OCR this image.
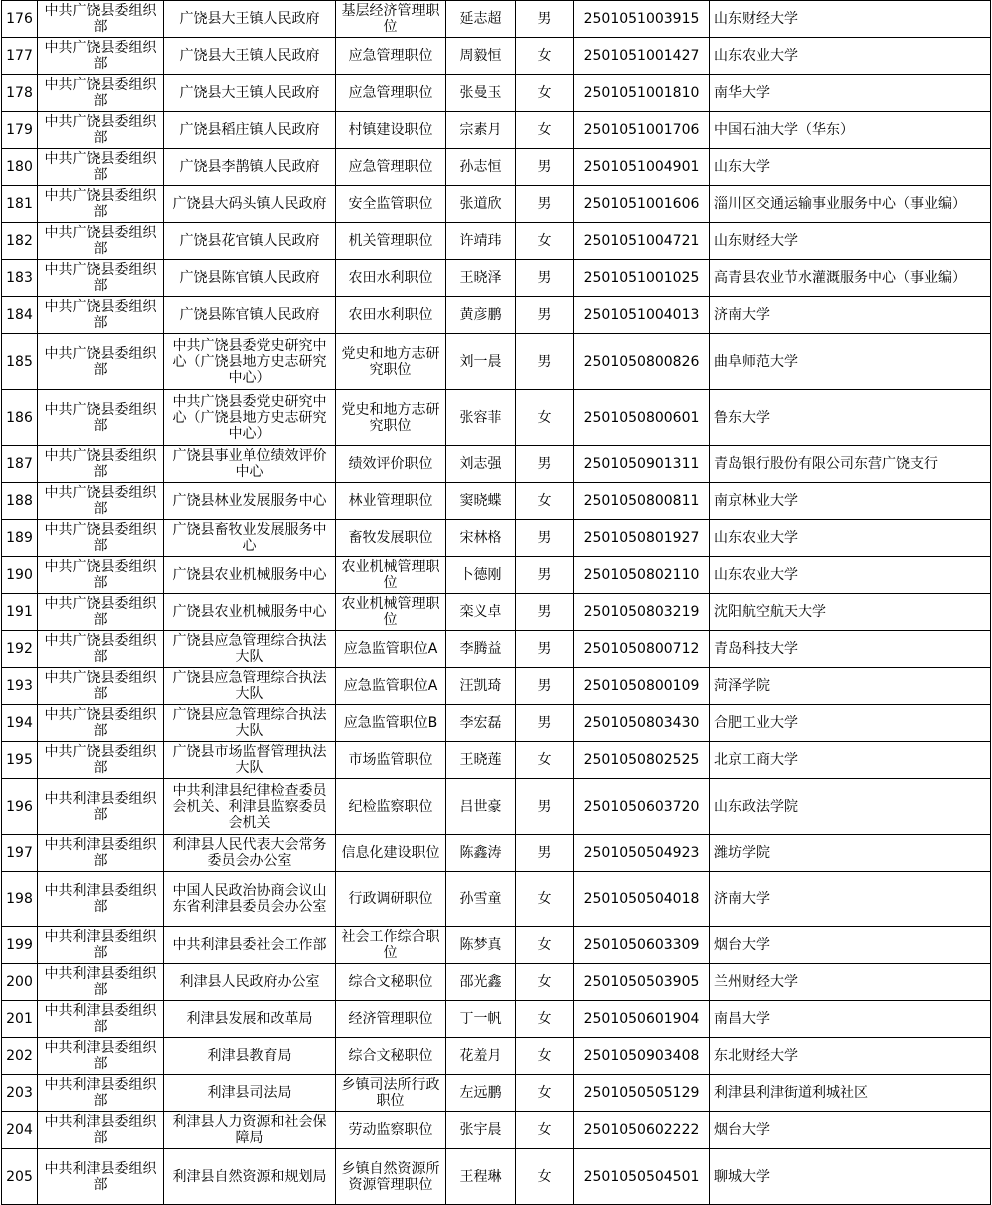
176	中共广饶县委组织部	广饶县大王镇人民政府	基层经济管理职位	延志超	男	2501051003915	山东财经大学
177	中共广饶县委组织部	广饶县大王镇人民政府	应急管理职位	周毅恒	女	2501051001427	山东农业大学
178	中共广饶县委组织部	广饶县大王镇人民政府	应急管理职位	张曼玉	女	2501051001810	南华大学
179	中共广饶县委组织部	广饶县稻庄镇人民政府	村镇建设职位	宗素月	女	2501051001706	中国石油大学（华东）
180	中共广饶县委组织部	广饶县李鹊镇人民政府	应急管理职位	孙志恒	男	2501051004901	山东大学
181	中共广饶县委组织部	广饶县大码头镇人民政府	安全监管职位	张道欣	男	2501051001606	淄川区交通运输事业服务中心（事业编）
182	中共广饶县委组织部	广饶县花官镇人民政府	机关管理职位	许靖玮	女	2501051004721	山东财经大学
183	中共广饶县委组织部	广饶县陈官镇人民政府	农田水利职位	王晓泽	男	2501051001025	高青县农业节水灌溉服务中心（事业编）
184	中共广饶县委组织部	广饶县陈官镇人民政府	农田水利职位	黄彦鹏	男	2501051004013	济南大学
185	中共广饶县委组织部	中共广饶县委党史研究中心（广饶县地方史志研究中心）	党史和地方志研究职位	刘一晨	男	2501050800826	曲阜师范大学
186	中共广饶县委组织部	中共广饶县委党史研究中心（广饶县地方史志研究中心）	党史和地方志研究职位	张容菲	女	2501050800601	鲁东大学
187	中共广饶县委组织部	广饶县事业单位绩效评价中心	绩效评价职位	刘志强	男	2501050901311	青岛银行股份有限公司东营广饶支行
188	中共广饶县委组织部	广饶县林业发展服务中心	林业管理职位	窦晓蝶	女	2501050800811	南京林业大学
189	中共广饶县委组织部	广饶县畜牧业发展服务中心	畜牧发展职位	宋林格	男	2501050801927	山东农业大学
190	中共广饶县委组织部	广饶县农业机械服务中心	农业机械管理职位	卜德刚	男	2501050802110	山东农业大学
191	中共广饶县委组织部	广饶县农业机械服务中心	农业机械管理职位	栾义卓	男	2501050803219	沈阳航空航天大学
192	中共广饶县委组织部	广饶县应急管理综合执法大队	应急监管职位A	李腾益	男	2501050800712	青岛科技大学
193	中共广饶县委组织部	广饶县应急管理综合执法大队	应急监管职位A	汪凯琦	男	2501050800109	菏泽学院
194	中共广饶县委组织部	广饶县应急管理综合执法大队	应急监管职位B	李宏磊	男	2501050803430	合肥工业大学
195	中共广饶县委组织部	广饶县市场监督管理执法大队	市场监管职位	王晓莲	女	2501050802525	北京工商大学
196	中共利津县委组织部	中共利津县纪律检查委员会机关、利津县监察委员会机关	纪检监察职位	吕世豪	男	2501050603720	山东政法学院
197	中共利津县委组织部	利津县人民代表大会常务委员会办公室	信息化建设职位	陈鑫涛	男	2501050504923	潍坊学院
198	中共利津县委组织部	中国人民政治协商会议山东省利津县委员会办公室	行政调研职位	孙雪童	女	2501050504018	济南大学
199	中共利津县委组织部	中共利津县委社会工作部	社会工作综合职位	陈梦真	女	2501050603309	烟台大学
200	中共利津县委组织部	利津县人民政府办公室	综合文秘职位	邵光鑫	女	2501050503905	兰州财经大学
201	中共利津县委组织部	利津县发展和改革局	经济管理职位	丁一帆	女	2501050601904	南昌大学
202	中共利津县委组织部	利津县教育局	综合文秘职位	花羞月	女	2501050903408	东北财经大学
203	中共利津县委组织部	利津县司法局	乡镇司法所行政职位	左远鹏	女	2501050505129	利津县利津街道利城社区
204	中共利津县委组织部	利津县人力资源和社会保障局	劳动监察职位	张宇晨	女	2501050602222	烟台大学
205	中共利津县委组织部	利津县自然资源和规划局	乡镇自然资源所资源管理职位	王程琳	女	2501050504501	聊城大学
